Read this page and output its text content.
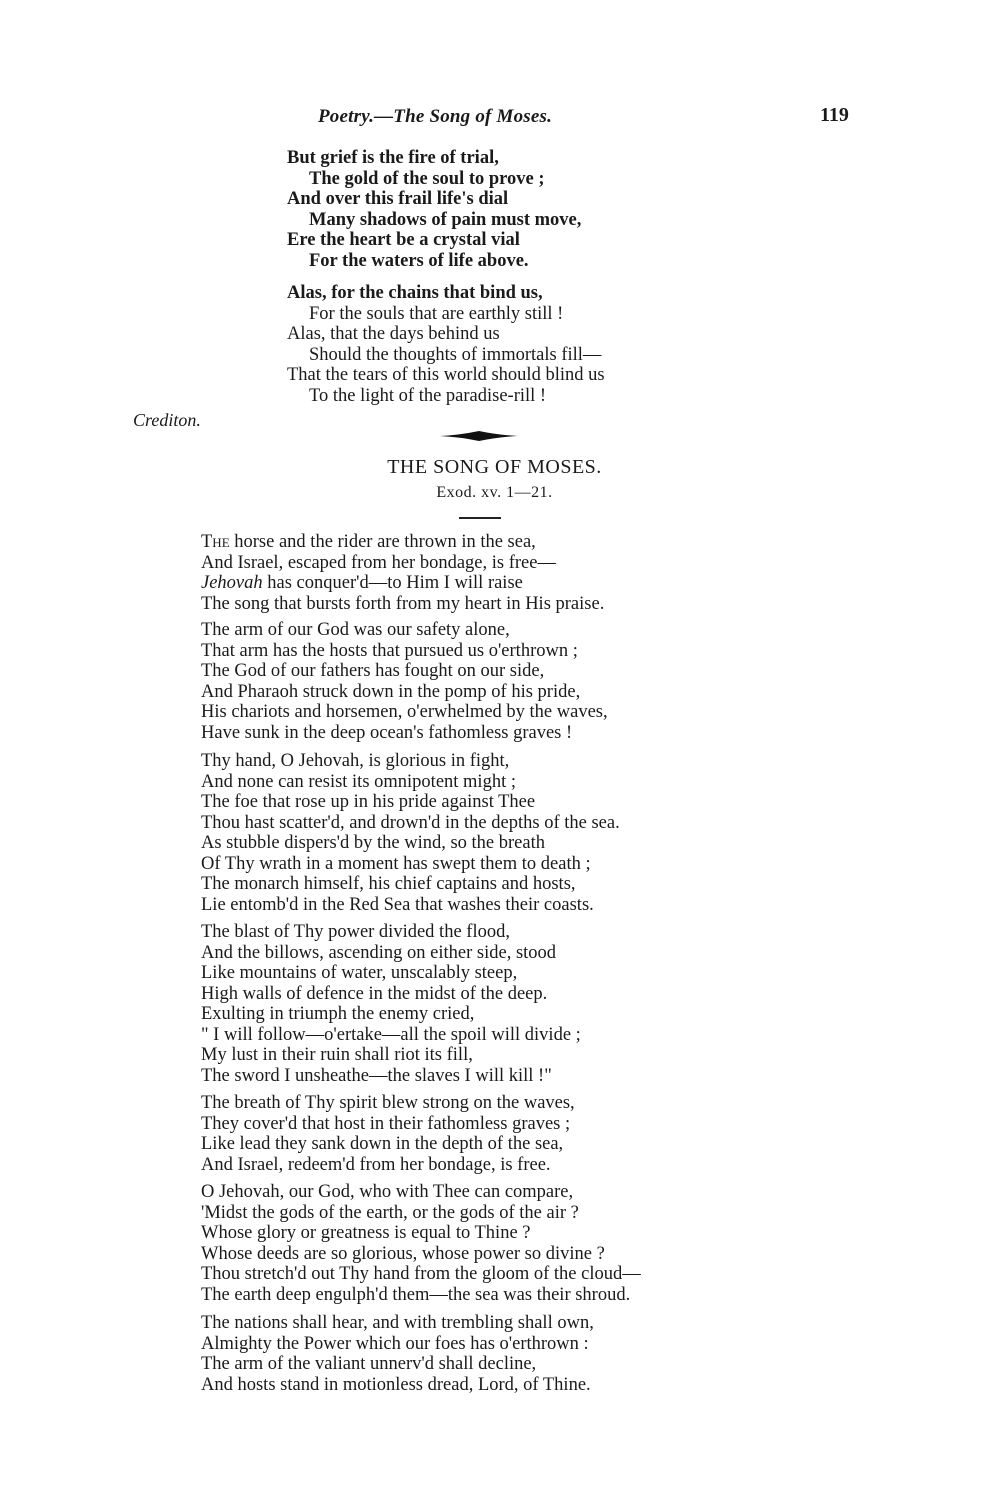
Poetry.—The Song of Moses.	119
But grief is the fire of trial,
The gold of the soul to prove ;
And over this frail life's dial
Many shadows of pain must move,
Ere the heart be a crystal vial
For the waters of life above.
Alas, for the chains that bind us,
For the souls that are earthly still !
Alas, that the days behind us
Should the thoughts of immortals fill—
That the tears of this world should blind us
To the light of the paradise-rill !
Crediton.
THE SONG OF MOSES.
Exod. xv. 1—21.
The horse and the rider are thrown in the sea,
And Israel, escaped from her bondage, is free—
Jehovah has conquer'd—to Him I will raise
The song that bursts forth from my heart in His praise.
The arm of our God was our safety alone,
That arm has the hosts that pursued us o'erthrown ;
The God of our fathers has fought on our side,
And Pharaoh struck down in the pomp of his pride,
His chariots and horsemen, o'erwhelmed by the waves,
Have sunk in the deep ocean's fathomless graves !
Thy hand, O Jehovah, is glorious in fight,
And none can resist its omnipotent might ;
The foe that rose up in his pride against Thee
Thou hast scatter'd, and drown'd in the depths of the sea.
As stubble dispers'd by the wind, so the breath
Of Thy wrath in a moment has swept them to death ;
The monarch himself, his chief captains and hosts,
Lie entomb'd in the Red Sea that washes their coasts.
The blast of Thy power divided the flood,
And the billows, ascending on either side, stood
Like mountains of water, unscalably steep,
High walls of defence in the midst of the deep.
Exulting in triumph the enemy cried,
" I will follow—o'ertake—all the spoil will divide ;
My lust in their ruin shall riot its fill,
The sword I unsheathe—the slaves I will kill !"
The breath of Thy spirit blew strong on the waves,
They cover'd that host in their fathomless graves ;
Like lead they sank down in the depth of the sea,
And Israel, redeem'd from her bondage, is free.
O Jehovah, our God, who with Thee can compare,
'Midst the gods of the earth, or the gods of the air ?
Whose glory or greatness is equal to Thine ?
Whose deeds are so glorious, whose power so divine ?
Thou stretch'd out Thy hand from the gloom of the cloud—
The earth deep engulph'd them—the sea was their shroud.
The nations shall hear, and with trembling shall own,
Almighty the Power which our foes has o'erthrown :
The arm of the valiant unnerv'd shall decline,
And hosts stand in motionless dread, Lord, of Thine.
